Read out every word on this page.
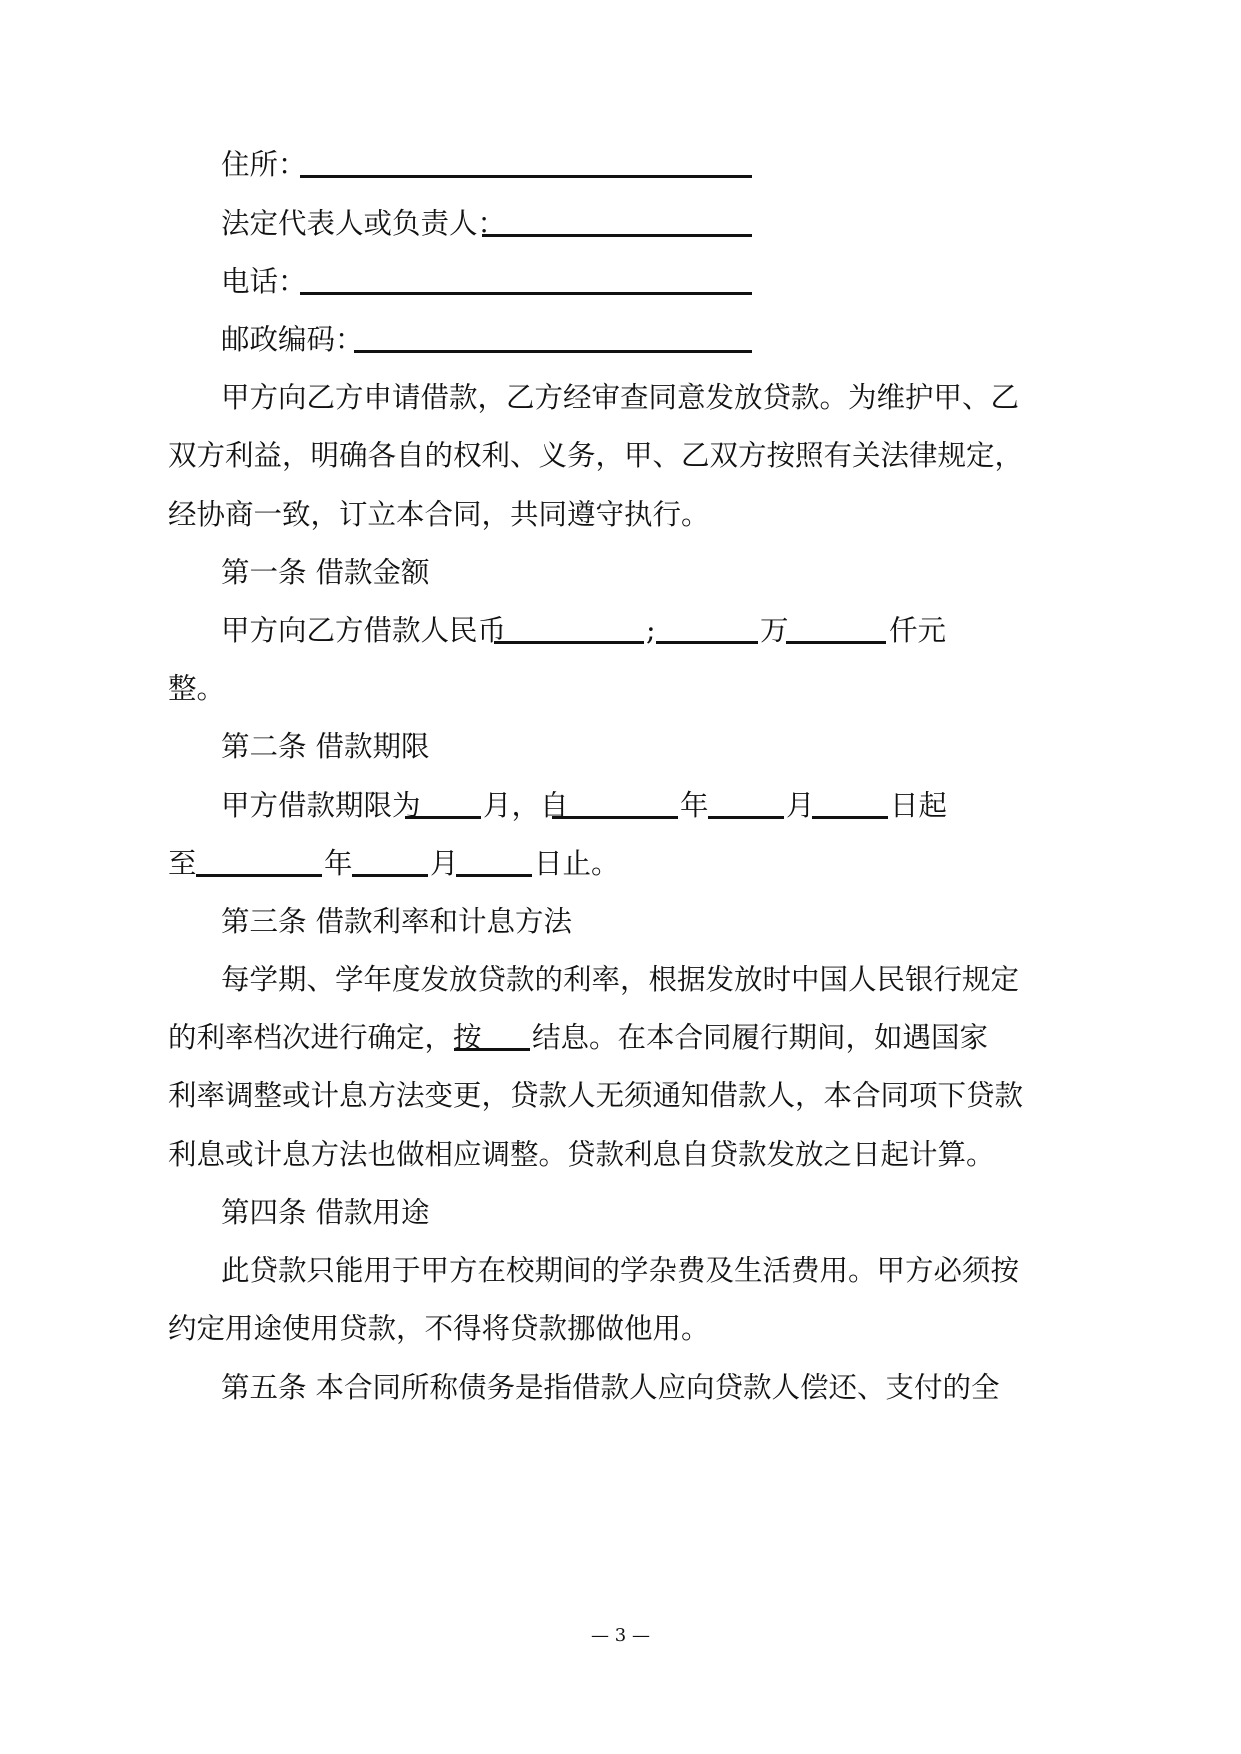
住所：
法定代表人或负责人：
电话：
邮政编码：
甲方向乙方申请借款，乙方经审查同意发放贷款。为维护甲、乙
双方利益，明确各自的权利、义务，甲、乙双方按照有关法律规定，
经协商一致，订立本合同，共同遵守执行。
第一条 借款金额
甲方向乙方借款人民币	;	万	仟元
整。
第二条 借款期限
甲方借款期限为 月，自	年	月	日起
至	年	月	日止。
第三条 借款利率和计息方法
每学期、学年度发放贷款的利率，根据发放时中国人民银行规定
的利率档次进行确定，按 结息。在本合同履行期间，如遇国家
利率调整或计息方法变更，贷款人无须通知借款人，本合同项下贷款
利息或计息方法也做相应调整。贷款利息自贷款发放之日起计算。
第四条 借款用途
此贷款只能用于甲方在校期间的学杂费及生活费用。甲方必须按
约定用途使用贷款，不得将贷款挪做他用。
第五条 本合同所称债务是指借款人应向贷款人偿还、支付的全
— 3 —
